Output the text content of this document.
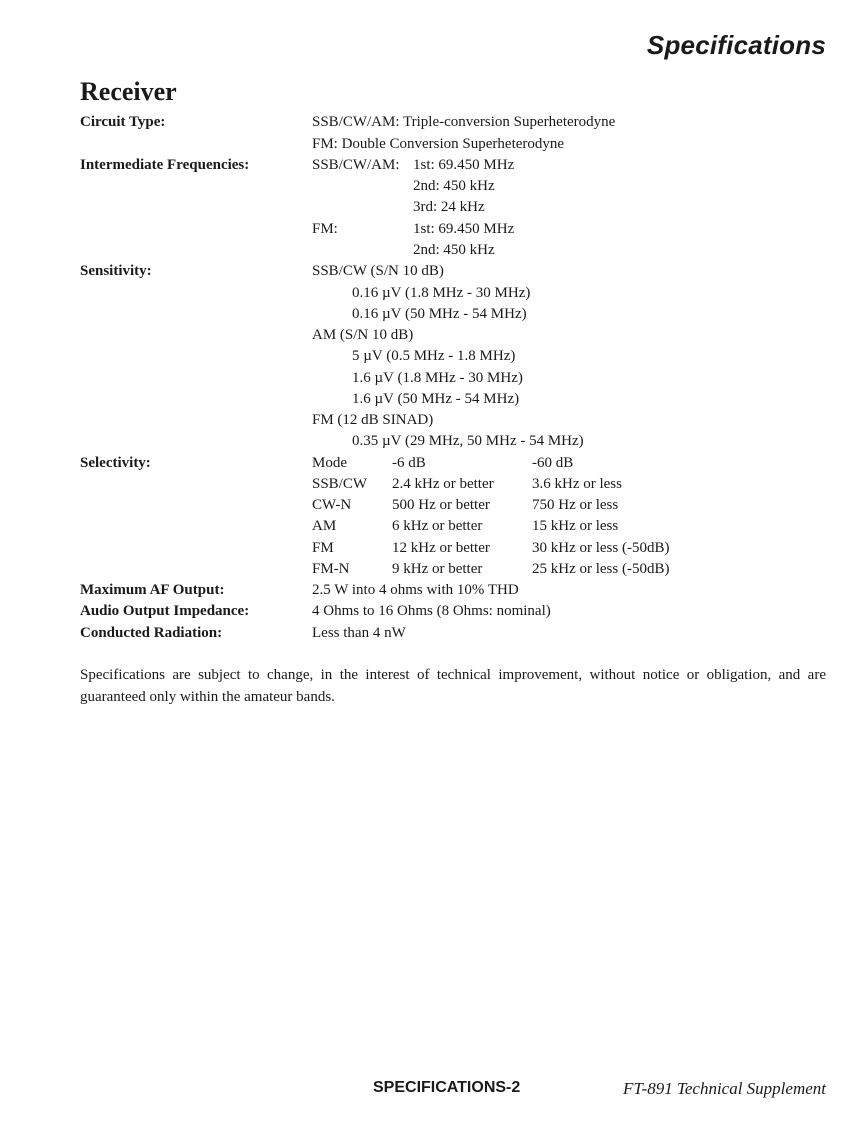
Specifications
Receiver
Circuit Type:	SSB/CW/AM: Triple-conversion Superheterodyne
FM: Double Conversion Superheterodyne
Intermediate Frequencies:	SSB/CW/AM: 1st: 69.450 MHz
2nd: 450 kHz
3rd: 24 kHz
FM:	1st: 69.450 MHz
2nd: 450 kHz
Sensitivity:	SSB/CW (S/N 10 dB)
0.16 µV (1.8 MHz - 30 MHz)
0.16 µV (50 MHz - 54 MHz)
AM (S/N 10 dB)
5 µV (0.5 MHz - 1.8 MHz)
1.6 µV (1.8 MHz - 30 MHz)
1.6 µV (50 MHz - 54 MHz)
FM (12 dB SINAD)
0.35 µV (29 MHz, 50 MHz - 54 MHz)
Selectivity:	Mode	-6 dB	-60 dB
SSB/CW 2.4 kHz or better	3.6 kHz or less
CW-N	500 Hz or better	750 Hz or less
AM	6 kHz or better	15 kHz or less
FM	12 kHz or better	30 kHz or less (-50dB)
FM-N	9 kHz or better	25 kHz or less (-50dB)
Maximum AF Output:	2.5 W into 4 ohms with 10% THD
Audio Output Impedance:	4 Ohms to 16 Ohms (8 Ohms: nominal)
Conducted Radiation:	Less than 4 nW
Specifications are subject to change, in the interest of technical improvement, without notice or obligation, and are guaranteed only within the amateur bands.
SPECIFICATIONS-2	FT-891 Technical Supplement
